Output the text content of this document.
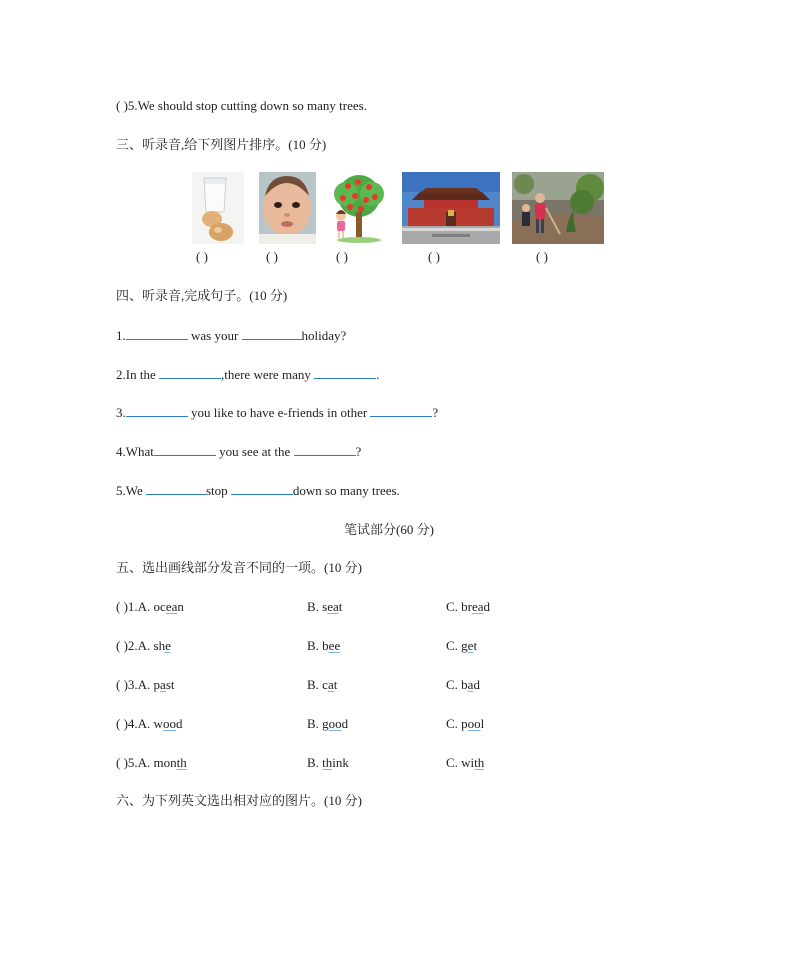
( )5.We should stop cutting down so many trees.
三、听录音,给下列图片排序。(10 分)
( )	( )	( )	( )	( )
四、听录音,完成句子。(10 分)
1.	was your	holiday?
2.In the	,there were many	.
3.	you like to have e-friends in other	?
4.What	you see at the	?
5.We	stop	down so many trees.
笔试部分(60 分)
五、选出画线部分发音不同的一项。(10 分)
( )1.A. ocean	B. seat	C. bread
( )2.A. she	B. bee	C. get
( )3.A. past	B. cat	C. bad
( )4.A. wood	B. good	C. pool
( )5.A. month	B. think	C. with
六、为下列英文选出相对应的图片。(10 分)
